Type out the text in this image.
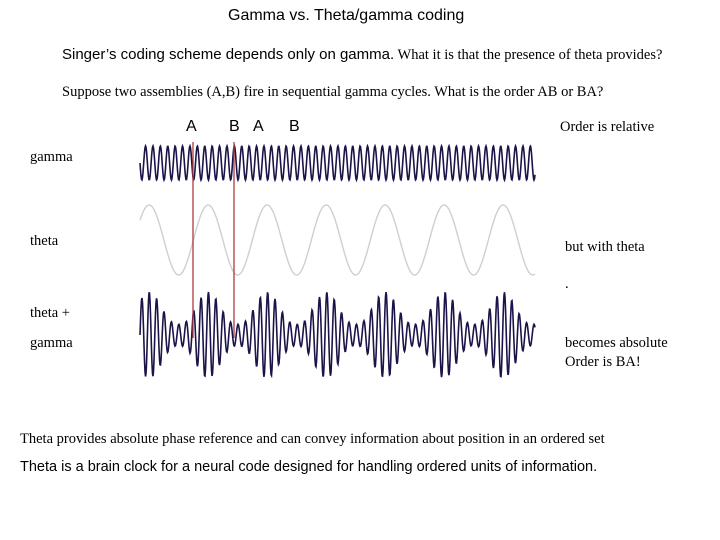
Gamma vs. Theta/gamma coding
Singer’s coding scheme depends only on gamma. What it is that the presence of theta provides?
Suppose two assemblies (A,B) fire in sequential gamma cycles. What is the order AB or BA?
A B A B	Order is relative
gamma
theta
theta +
gamma
but with theta
.
becomes absolute
Order is BA!
Theta provides absolute phase reference and can convey information about position in an ordered set
Theta is a brain clock for a neural code designed for handling ordered units of information.
